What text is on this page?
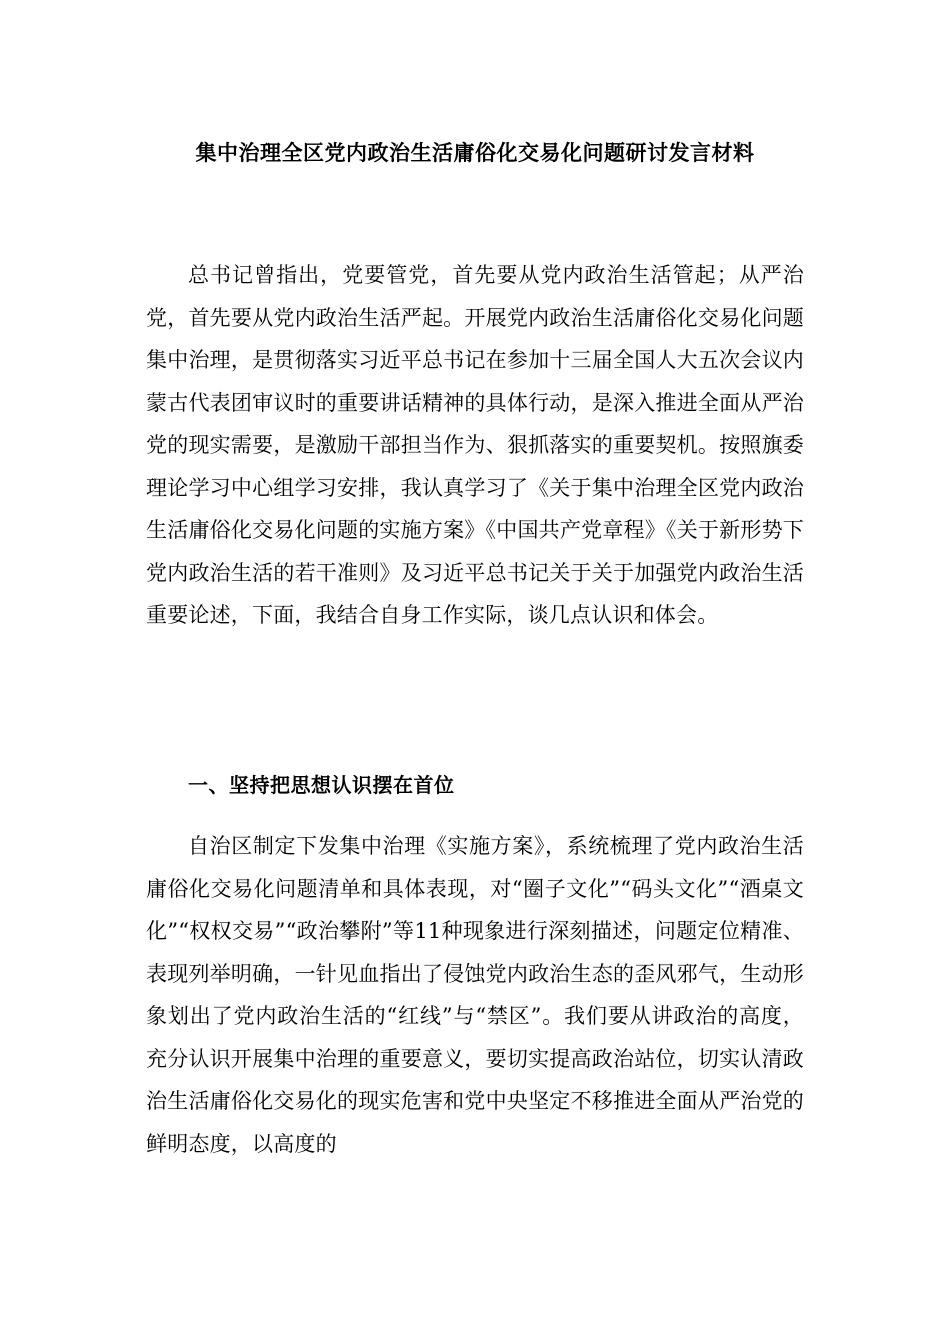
集中治理全区党内政治生活庸俗化交易化问题研讨发言材料

总书记曾指出，党要管党，首先要从党内政治生活管起；从严治党，首先要从党内政治生活严起。开展党内政治生活庸俗化交易化问题集中治理，是贯彻落实习近平总书记在参加十三届全国人大五次会议内蒙古代表团审议时的重要讲话精神的具体行动，是深入推进全面从严治党的现实需要，是激励干部担当作为、狠抓落实的重要契机。按照旗委理论学习中心组学习安排，我认真学习了《关于集中治理全区党内政治生活庸俗化交易化问题的实施方案》《中国共产党章程》《关于新形势下党内政治生活的若干准则》及习近平总书记关于关于加强党内政治生活重要论述，下面，我结合自身工作实际，谈几点认识和体会。

一、坚持把思想认识摆在首位

自治区制定下发集中治理《实施方案》，系统梳理了党内政治生活庸俗化交易化问题清单和具体表现，对“圈子文化”“码头文化”“酒桌文化”“权权交易”“政治攀附”等11种现象进行深刻描述，问题定位精准、表现列举明确，一针见血指出了侵蚀党内政治生态的歪风邪气，生动形象划出了党内政治生活的“红线”与“禁区”。我们要从讲政治的高度，充分认识开展集中治理的重要意义，要切实提高政治站位，切实认清政治生活庸俗化交易化的现实危害和党中央坚定不移推进全面从严治党的鲜明态度，以高度的
